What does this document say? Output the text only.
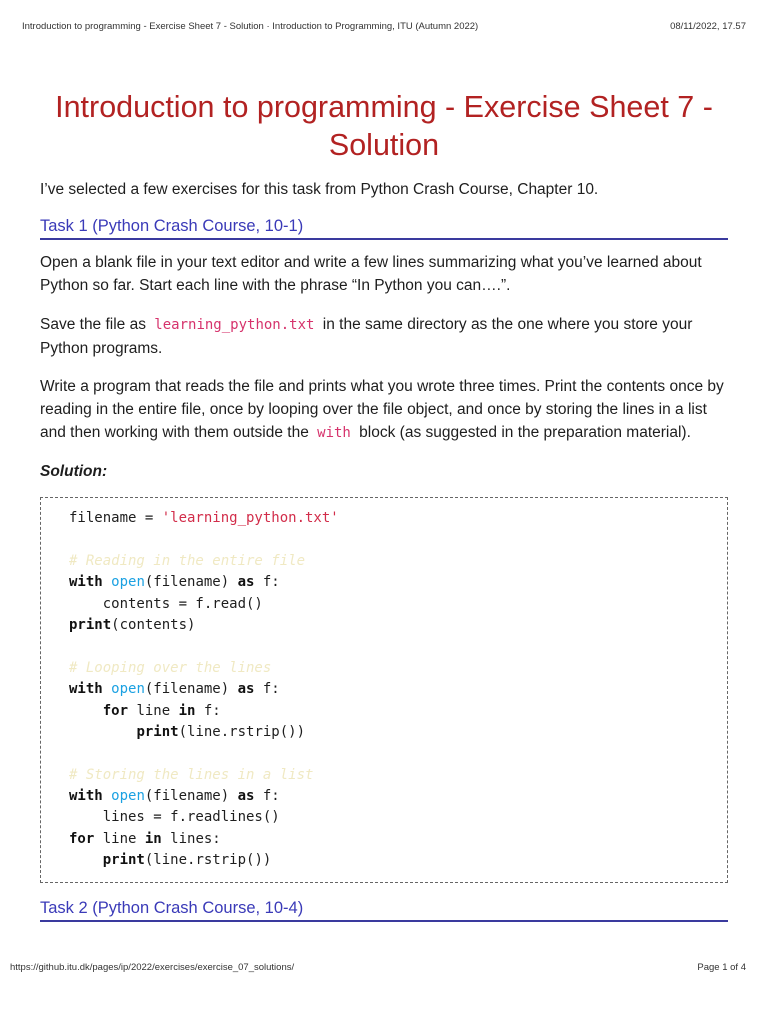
Introduction to programming - Exercise Sheet 7 - Solution · Introduction to Programming, ITU (Autumn 2022)	08/11/2022, 17.57
Introduction to programming - Exercise Sheet 7 - Solution

I’ve selected a few exercises for this task from Python Crash Course, Chapter 10.

Task 1 (Python Crash Course, 10-1)

Open a blank file in your text editor and write a few lines summarizing what you’ve learned about Python so far. Start each line with the phrase “In Python you can….”.

Save the file as learning_python.txt in the same directory as the one where you store your Python programs.

Write a program that reads the file and prints what you wrote three times. Print the contents once by reading in the entire file, once by looping over the file object, and once by storing the lines in a list and then working with them outside the with block (as suggested in the preparation material).

Solution:

filename = 'learning_python.txt'
# Reading in the entire file
with open(filename) as f:
contents = f.read()
print(contents)
# Looping over the lines
with open(filename) as f:
for line in f:
print(line.rstrip())
# Storing the lines in a list
with open(filename) as f:
lines = f.readlines()
for line in lines:
print(line.rstrip())
Task 2 (Python Crash Course, 10-4)
https://github.itu.dk/pages/ip/2022/exercises/exercise_07_solutions/	Page 1 of 4
